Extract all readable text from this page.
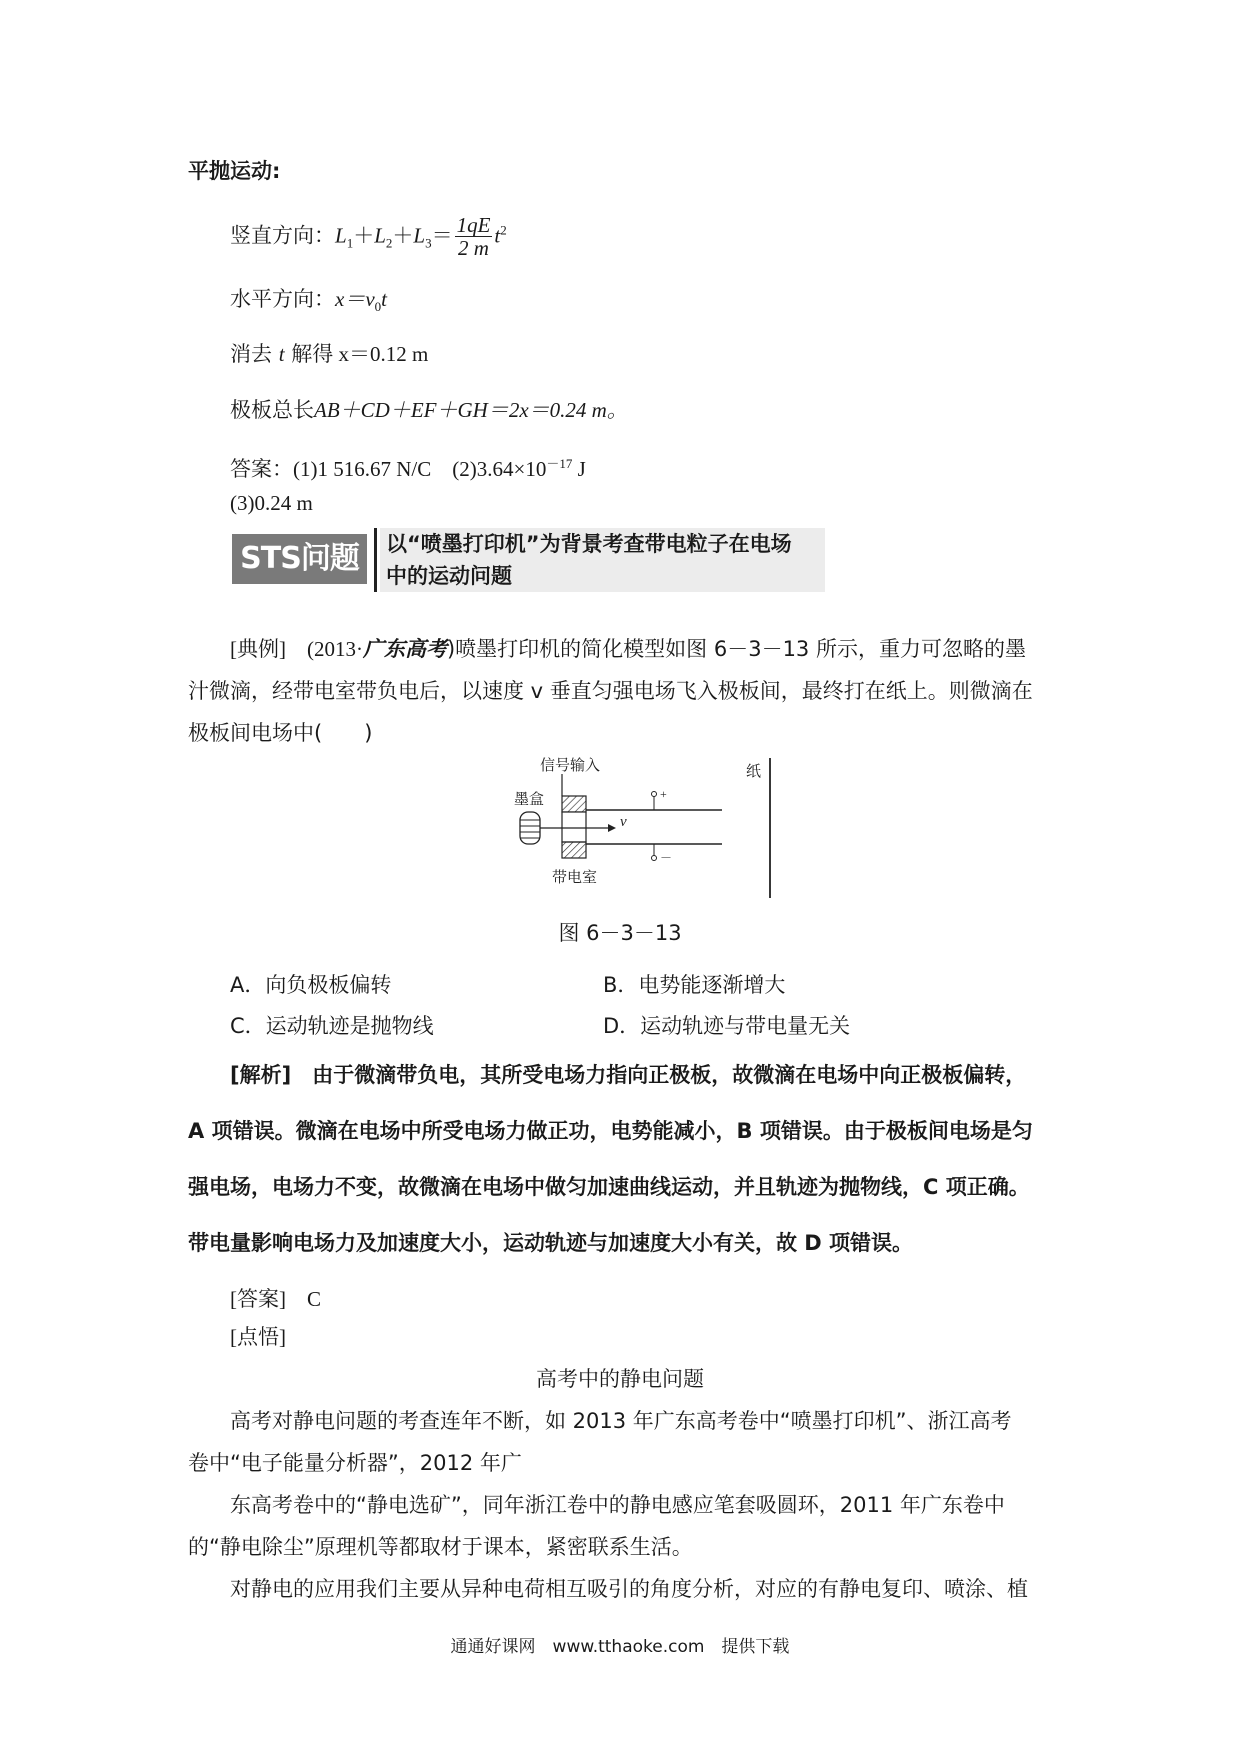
平抛运动:
竖直方向：$L_1+L_2+L_3= \frac{1qE}{2 m} t^2$
水平方向：$x=v_0t$
消去 t 解得 x＝0.12 m
极板总长AB＋CD＋EF＋GH＝2x＝0.24 m。
答案：(1)1 516.67 N/C　$(2)3.64\times 10^{-17}$ J
(3)0.24 m
STS问题	以“喷墨打印机”为背景考查带电粒子在电场
中的运动问题
[典例]　(2013·广东高考)喷墨打印机的简化模型如图 6－3－13 所示，重力可忽略的墨
汁微滴，经带电室带负电后，以速度 v 垂直匀强电场飞入极板间，最终打在纸上。则微滴在
极板间电场中(　　)
信号输入
墨盒
v
+
－
带电室
纸
图 6－3－13
A．向负极板偏转	B．电势能逐渐增大
C．运动轨迹是抛物线	D．运动轨迹与带电量无关
[解析]　由于微滴带负电，其所受电场力指向正极板，故微滴在电场中向正极板偏转，
A 项错误。微滴在电场中所受电场力做正功，电势能减小，B 项错误。由于极板间电场是匀
强电场，电场力不变，故微滴在电场中做匀加速曲线运动，并且轨迹为抛物线，C 项正确。
带电量影响电场力及加速度大小，运动轨迹与加速度大小有关，故 D 项错误。
[答案]　C
[点悟]
高考中的静电问题
高考对静电问题的考查连年不断，如 2013 年广东高考卷中“喷墨打印机”、浙江高考
卷中“电子能量分析器”，2012 年广
东高考卷中的“静电选矿”，同年浙江卷中的静电感应笔套吸圆环，2011 年广东卷中
的“静电除尘”原理机等都取材于课本，紧密联系生活。
对静电的应用我们主要从异种电荷相互吸引的角度分析，对应的有静电复印、喷涂、植
通通好课网　www.tthaoke.com　提供下载
